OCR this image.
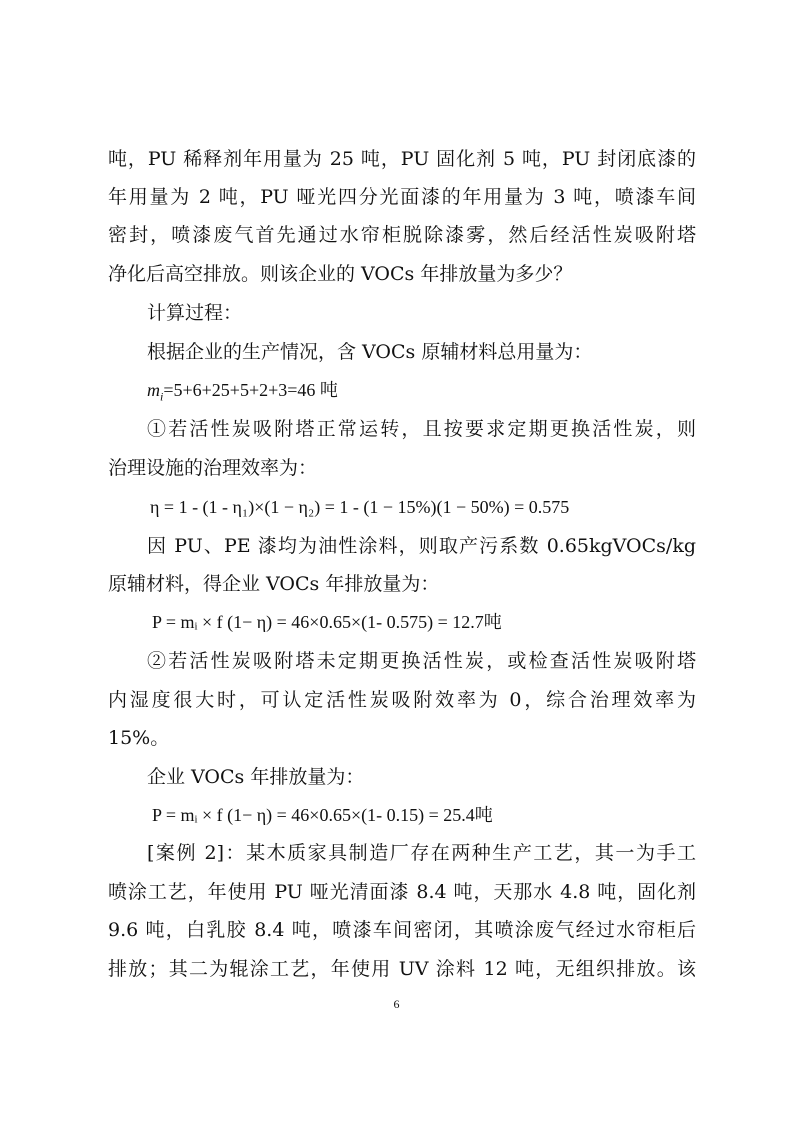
吨，PU 稀释剂年用量为 25 吨，PU 固化剂 5 吨，PU 封闭底漆的
年用量为 2 吨，PU 哑光四分光面漆的年用量为 3 吨，喷漆车间
密封，喷漆废气首先通过水帘柜脱除漆雾，然后经活性炭吸附塔
净化后高空排放。则该企业的 VOCs 年排放量为多少？
计算过程：
根据企业的生产情况，含 VOCs 原辅材料总用量为：
$m_i=5+6+25+5+2+3=46$ 吨
①若活性炭吸附塔正常运转，且按要求定期更换活性炭，则
治理设施的治理效率为：
η = 1 - (1 - η₁)×(1 − η₂) = 1 - (1 − 15%)(1 − 50%) = 0.575
因 PU、PE 漆均为油性涂料，则取产污系数 0.65kgVOCs/kg
原辅材料，得企业 VOCs 年排放量为：
P = mᵢ × f (1− η) = 46×0.65×(1- 0.575) = 12.7吨
②若活性炭吸附塔未定期更换活性炭，或检查活性炭吸附塔
内湿度很大时，可认定活性炭吸附效率为 0，综合治理效率为
15%。
企业 VOCs 年排放量为：
P = mᵢ × f (1− η) = 46×0.65×(1- 0.15) = 25.4吨
[案例 2]：某木质家具制造厂存在两种生产工艺，其一为手工
喷涂工艺，年使用 PU 哑光清面漆 8.4 吨，天那水 4.8 吨，固化剂
9.6 吨，白乳胶 8.4 吨，喷漆车间密闭，其喷涂废气经过水帘柜后
排放；其二为辊涂工艺，年使用 UV 涂料 12 吨，无组织排放。该
6
